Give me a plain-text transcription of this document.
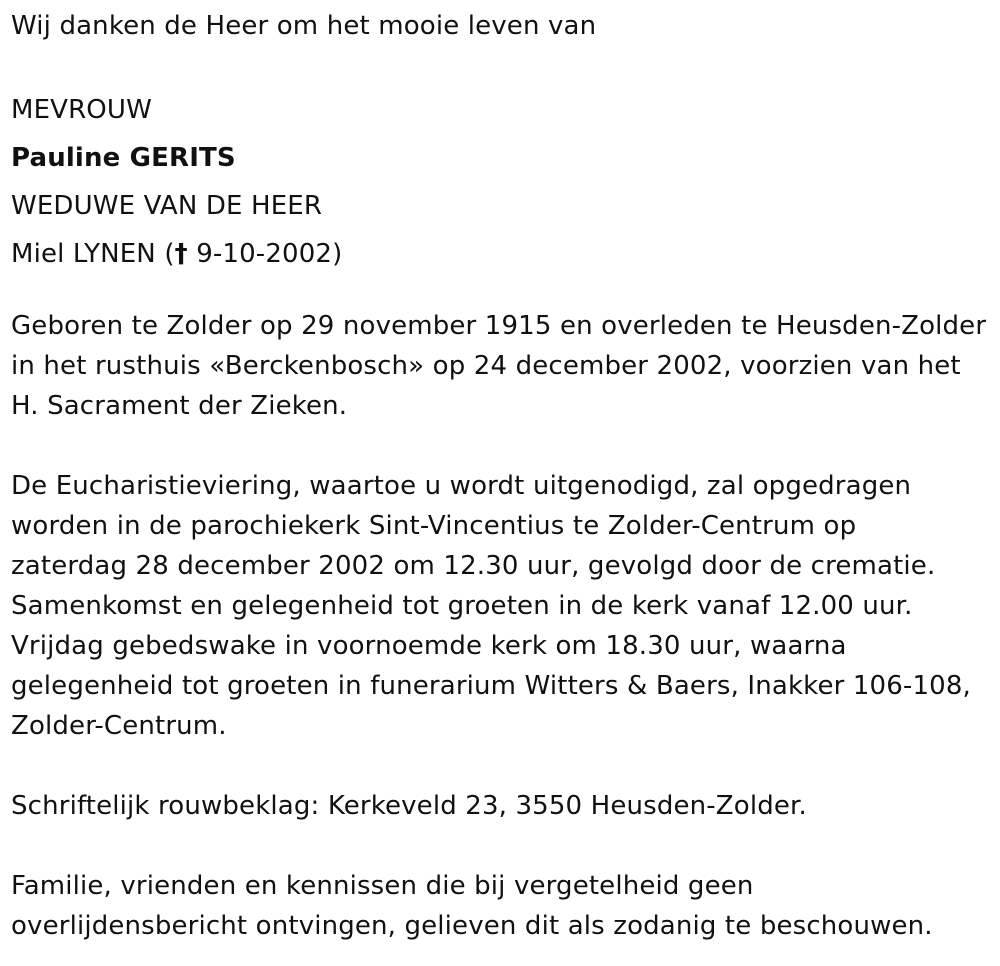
Wij danken de Heer om het mooie leven van
MEVROUW
Pauline GERITS
WEDUWE VAN DE HEER
Miel LYNEN († 9-10-2002)
Geboren te Zolder op 29 november 1915 en overleden te Heusden-Zolder
in het rusthuis «Berckenbosch» op 24 december 2002, voorzien van het
H. Sacrament der Zieken.
De Eucharistieviering, waartoe u wordt uitgenodigd, zal opgedragen
worden in de parochiekerk Sint-Vincentius te Zolder-Centrum op
zaterdag 28 december 2002 om 12.30 uur, gevolgd door de crematie.
Samenkomst en gelegenheid tot groeten in de kerk vanaf 12.00 uur.
Vrijdag gebedswake in voornoemde kerk om 18.30 uur, waarna
gelegenheid tot groeten in funerarium Witters & Baers, Inakker 106-108,
Zolder-Centrum.
Schriftelijk rouwbeklag: Kerkeveld 23, 3550 Heusden-Zolder.
Familie, vrienden en kennissen die bij vergetelheid geen
overlijdensbericht ontvingen, gelieven dit als zodanig te beschouwen.
